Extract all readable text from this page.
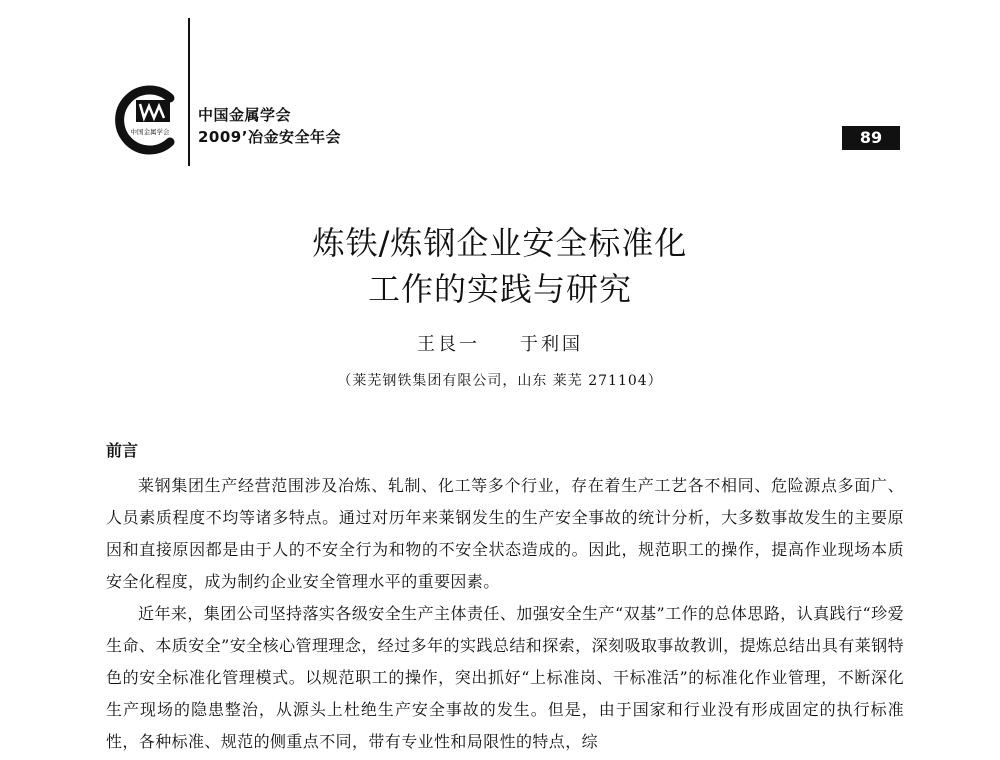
中国金属学会
中国金属学会
2009’冶金安全年会	89
炼铁/炼钢企业安全标准化
工作的实践与研究
王艮一 于利国
（莱芜钢铁集团有限公司，山东 莱芜 271104）
前言

莱钢集团生产经营范围涉及冶炼、轧制、化工等多个行业，存在着生产工艺各不相同、危险源点多面广、人员素质程度不均等诸多特点。通过对历年来莱钢发生的生产安全事故的统计分析，大多数事故发生的主要原因和直接原因都是由于人的不安全行为和物的不安全状态造成的。因此，规范职工的操作，提高作业现场本质安全化程度，成为制约企业安全管理水平的重要因素。

近年来，集团公司坚持落实各级安全生产主体责任、加强安全生产“双基”工作的总体思路，认真践行“珍爱生命、本质安全”安全核心管理理念，经过多年的实践总结和探索，深刻吸取事故教训，提炼总结出具有莱钢特色的安全标准化管理模式。以规范职工的操作，突出抓好“上标准岗、干标准活”的标准化作业管理，不断深化生产现场的隐患整治，从源头上杜绝生产安全事故的发生。但是，由于国家和行业没有形成固定的执行标准性，各种标准、规范的侧重点不同，带有专业性和局限性的特点，综
